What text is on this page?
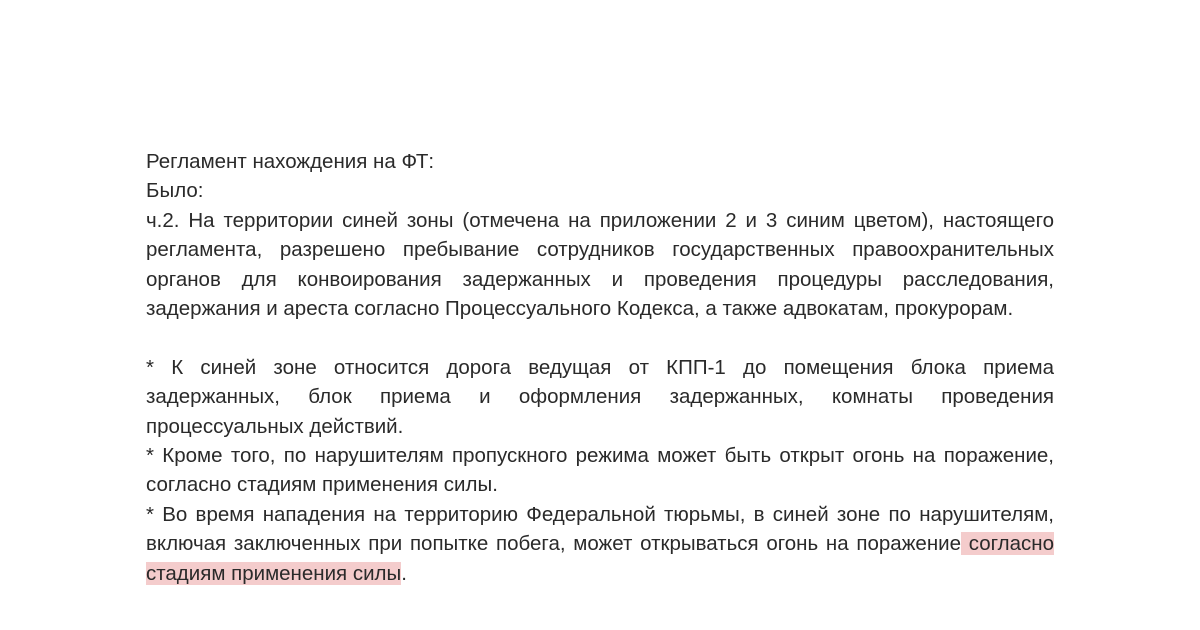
Регламент нахождения на ФТ:
Было:
ч.2. На территории синей зоны (отмечена на приложении 2 и 3 синим цветом), настоящего регламента, разрешено пребывание сотрудников государственных правоохранительных органов для конвоирования задержанных и проведения процедуры расследования, задержания и ареста согласно Процессуального Кодекса, а также адвокатам, прокурорам.
* К синей зоне относится дорога ведущая от КПП-1 до помещения блока приема задержанных, блок приема и оформления задержанных, комнаты проведения процессуальных действий.
* Кроме того, по нарушителям пропускного режима может быть открыт огонь на поражение, согласно стадиям применения силы.
* Во время нападения на территорию Федеральной тюрьмы, в синей зоне по нарушителям, включая заключенных при попытке побега, может открываться огонь на поражение согласно стадиям применения силы.
